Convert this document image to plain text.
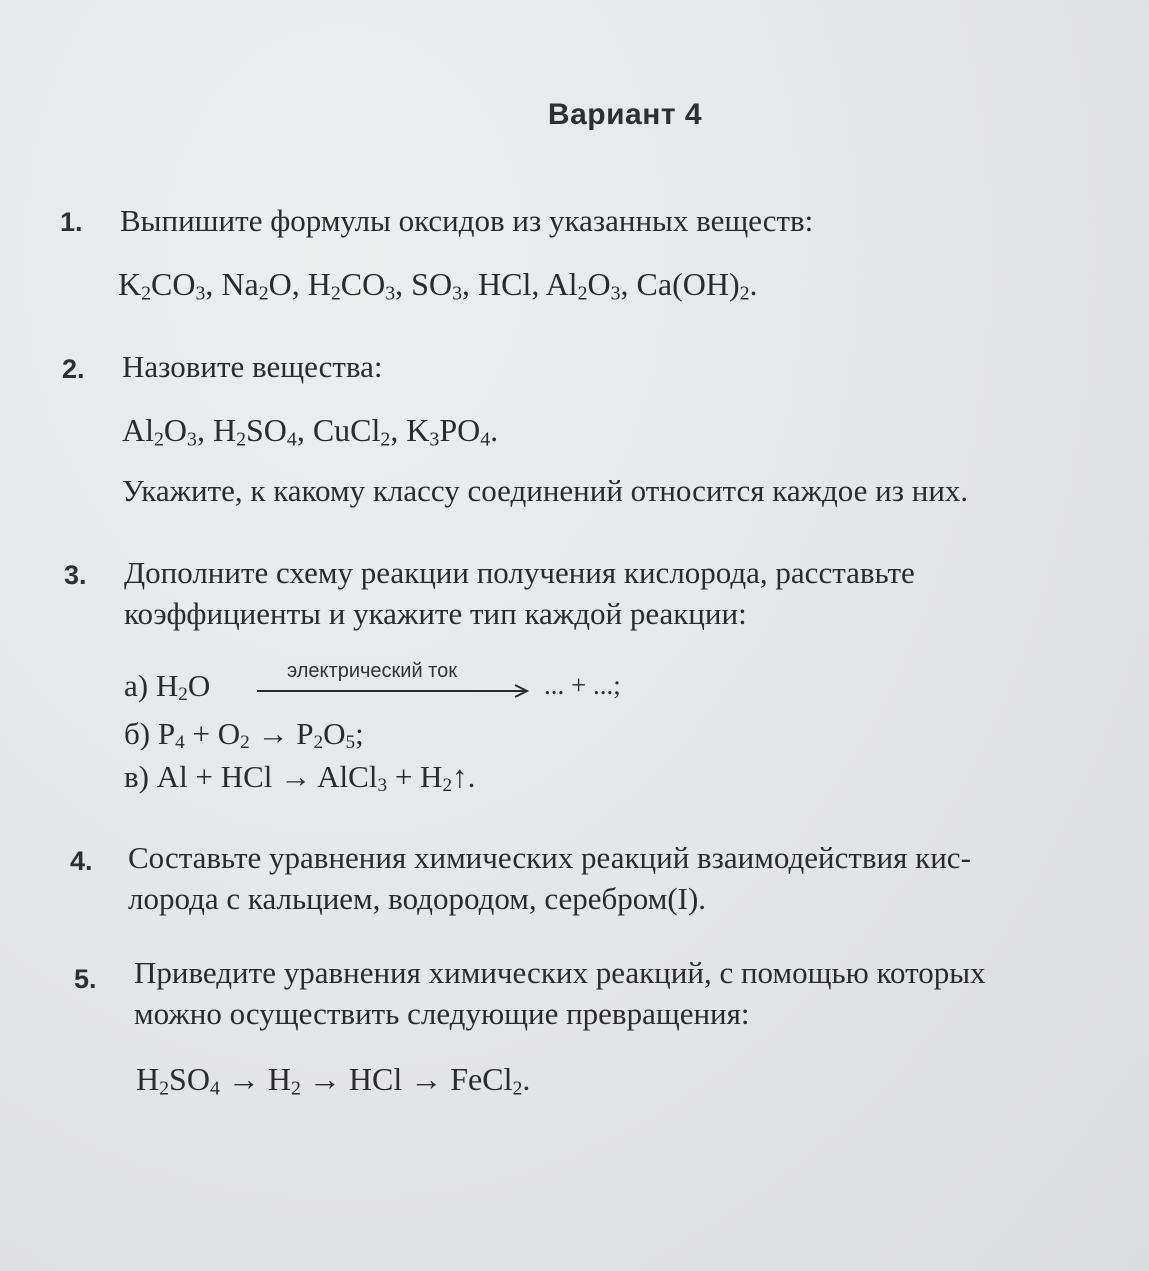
Вариант 4
1. Выпишите формулы оксидов из указанных веществ:
$K_2CO_3$, $Na_2O$, $H_2CO_3$, $SO_3$, HCl, $Al_2O_3$, $Ca(OH)_2$.
2. Назовите вещества:
$Al_2O_3$, $H_2SO_4$, CuCl$_2$, $K_3PO_4$.
Укажите, к какому классу соединений относится каждое из них.
3. Дополните схему реакции получения кислорода, расставьте
коэффициенты и укажите тип каждой реакции:
а) $H_2O$	электрический ток	... + ...;
б) $P_4 + O_2 \to P_2O_5$;
в) Al + HCl → AlCl$_3$ + $H_2↑$.
4. Составьте уравнения химических реакций взаимодействия кис-
лорода с кальцием, водородом, серебром(I).
5. Приведите уравнения химических реакций, с помощью которых
можно осуществить следующие превращения:
$H_2SO_4 \to H_2$ → HCl → FeCl$_2$.
